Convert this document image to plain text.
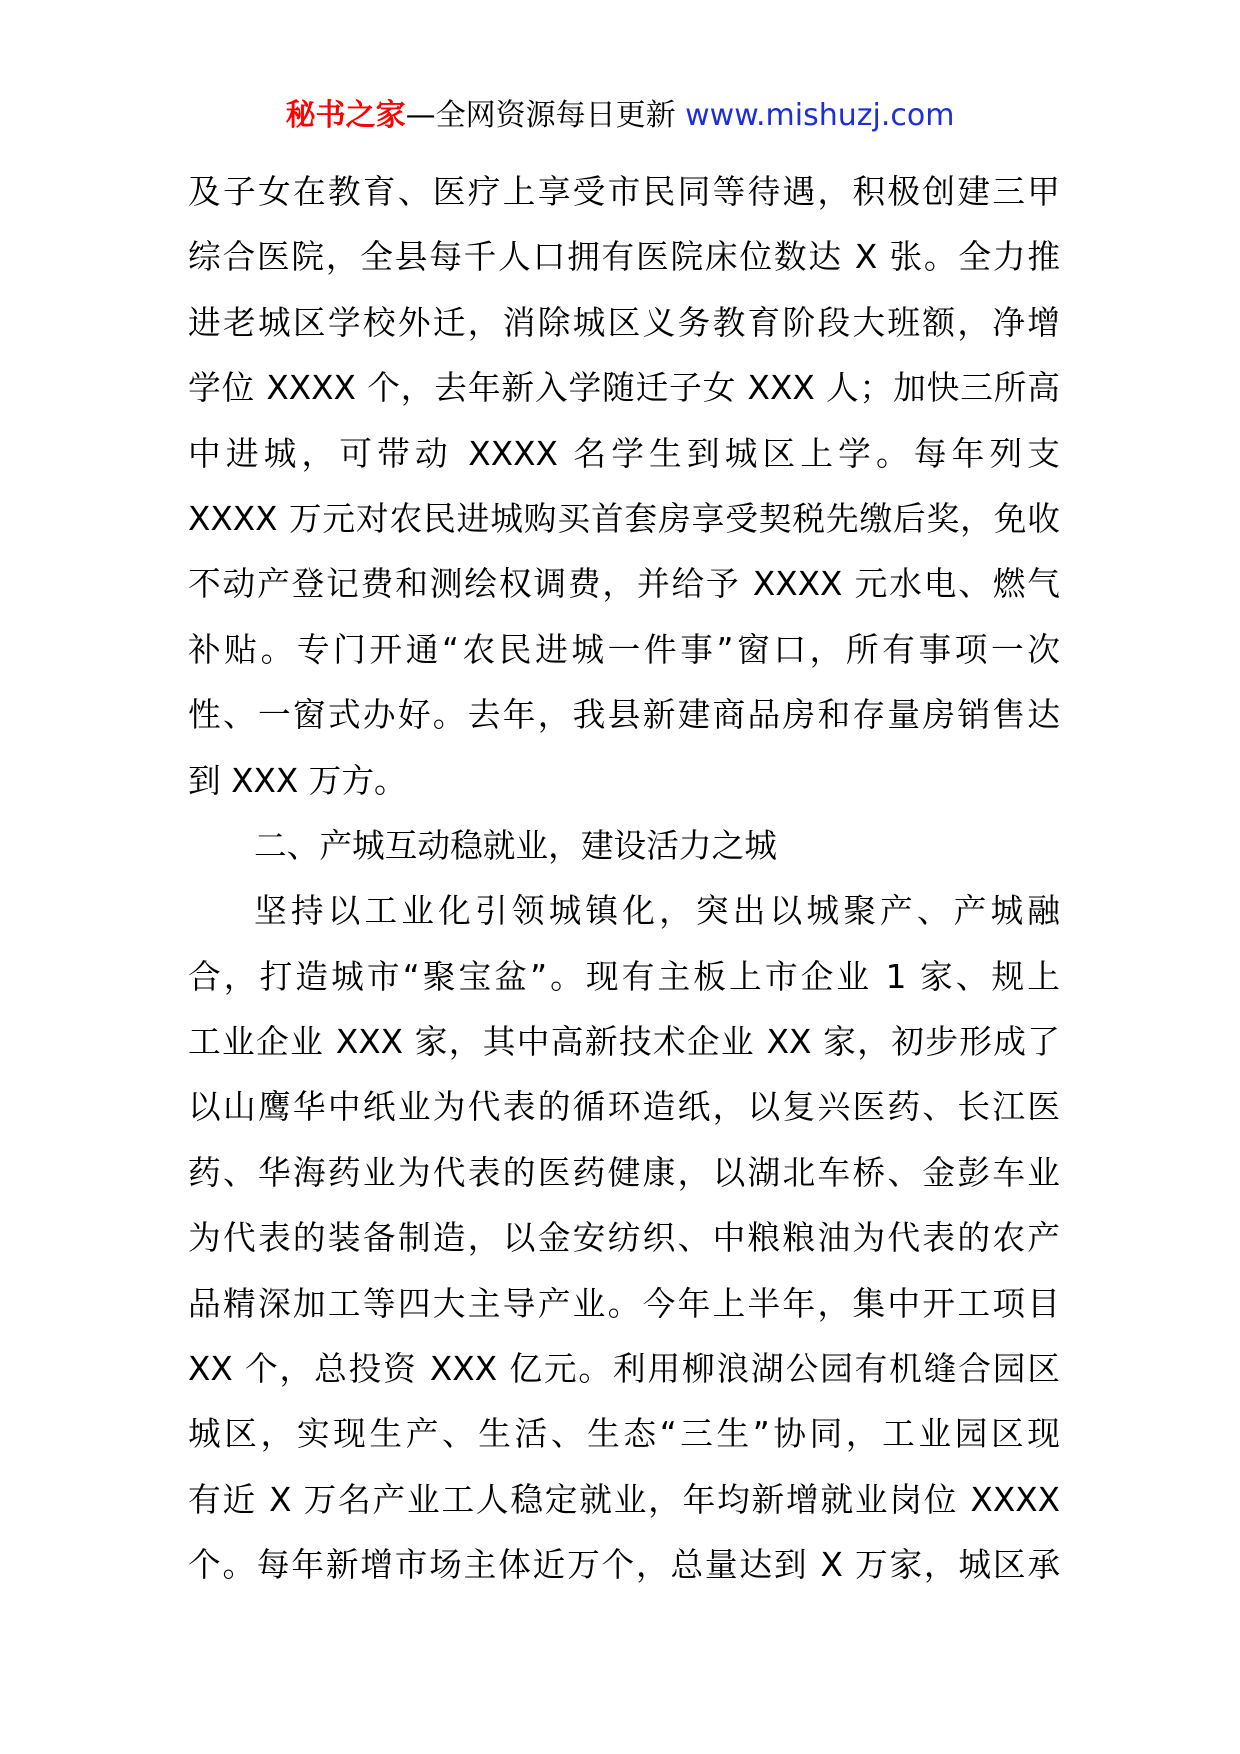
秘书之家—全网资源每日更新 www.mishuzj.com
及子女在教育、医疗上享受市民同等待遇，积极创建三甲
综合医院，全县每千人口拥有医院床位数达 X 张。全力推
进老城区学校外迁，消除城区义务教育阶段大班额，净增
学位 XXXX 个，去年新入学随迁子女 XXX 人；加快三所高
中进城，可带动 XXXX 名学生到城区上学。每年列支
XXXX 万元对农民进城购买首套房享受契税先缴后奖，免收
不动产登记费和测绘权调费，并给予 XXXX 元水电、燃气
补贴。专门开通“农民进城一件事”窗口，所有事项一次
性、一窗式办好。去年，我县新建商品房和存量房销售达
到 XXX 万方。
二、产城互动稳就业，建设活力之城
坚持以工业化引领城镇化，突出以城聚产、产城融
合，打造城市“聚宝盆”。现有主板上市企业 1 家、规上
工业企业 XXX 家，其中高新技术企业 XX 家，初步形成了
以山鹰华中纸业为代表的循环造纸，以复兴医药、长江医
药、华海药业为代表的医药健康，以湖北车桥、金彭车业
为代表的装备制造，以金安纺织、中粮粮油为代表的农产
品精深加工等四大主导产业。今年上半年，集中开工项目
XX 个，总投资 XXX 亿元。利用柳浪湖公园有机缝合园区
城区，实现生产、生活、生态“三生”协同，工业园区现
有近 X 万名产业工人稳定就业，年均新增就业岗位 XXXX
个。每年新增市场主体近万个，总量达到 X 万家，城区承
